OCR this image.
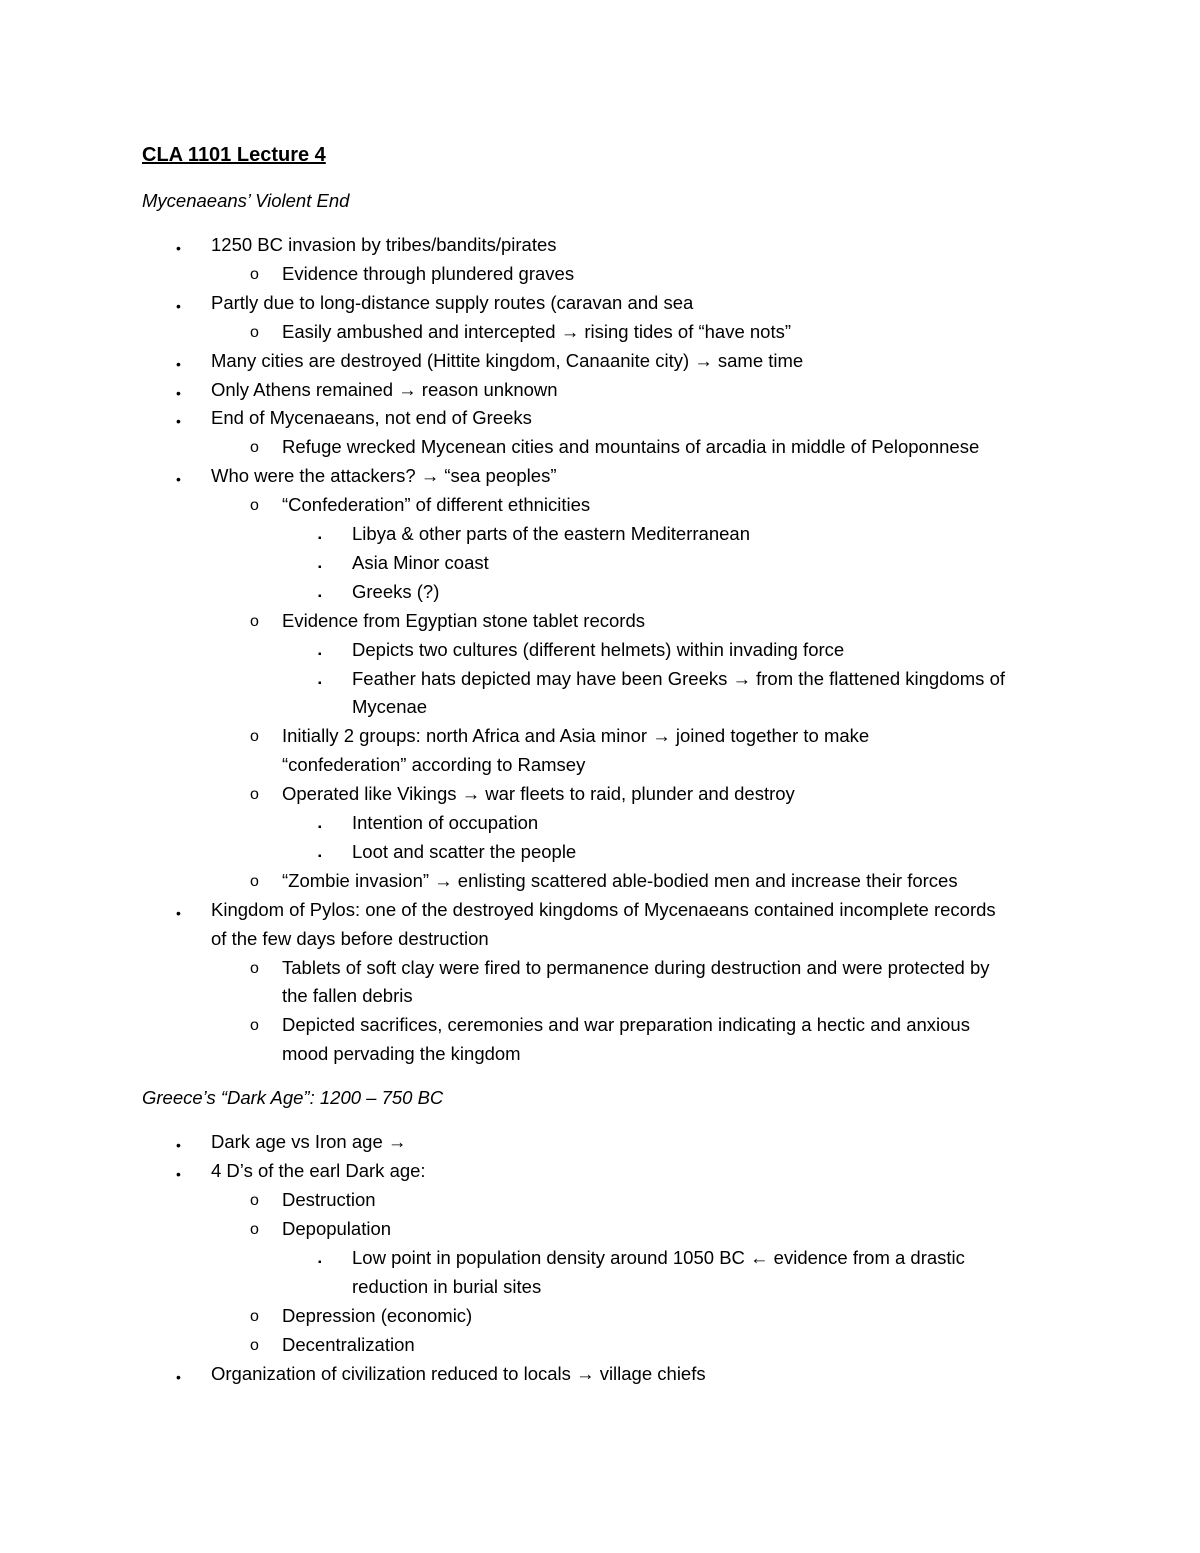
CLA 1101 Lecture 4
Mycenaeans’ Violent End
Greece’s “Dark Age”: 1200 – 750 BC
• 1250 BC invasion by tribes/bandits/pirates
o Evidence through plundered graves
• Partly due to long-distance supply routes (caravan and sea
o Easily ambushed and intercepted → rising tides of “have nots”
• Many cities are destroyed (Hittite kingdom, Canaanite city) → same time
• Only Athens remained → reason unknown
• End of Mycenaeans, not end of Greeks
o Refuge wrecked Mycenean cities and mountains of arcadia in middle of Peloponnese
• Who were the attackers? → “sea peoples”
o “Confederation” of different ethnicities
▪ Libya & other parts of the eastern Mediterranean
▪ Asia Minor coast
▪ Greeks (?)
o Evidence from Egyptian stone tablet records
▪ Depicts two cultures (different helmets) within invading force
▪ Feather hats depicted may have been Greeks → from the flattened kingdoms of
Mycenae
o Initially 2 groups: north Africa and Asia minor → joined together to make
“confederation” according to Ramsey
o Operated like Vikings → war fleets to raid, plunder and destroy
▪ Intention of occupation
▪ Loot and scatter the people
o “Zombie invasion” → enlisting scattered able-bodied men and increase their forces
• Kingdom of Pylos: one of the destroyed kingdoms of Mycenaeans contained incomplete records
of the few days before destruction
o Tablets of soft clay were fired to permanence during destruction and were protected by
the fallen debris
o Depicted sacrifices, ceremonies and war preparation indicating a hectic and anxious
mood pervading the kingdom
• Dark age vs Iron age →
• 4 D’s of the earl Dark age:
o Destruction
o Depopulation
▪ Low point in population density around 1050 BC ← evidence from a drastic
reduction in burial sites
o Depression (economic)
o Decentralization
• Organization of civilization reduced to locals → village chiefs
